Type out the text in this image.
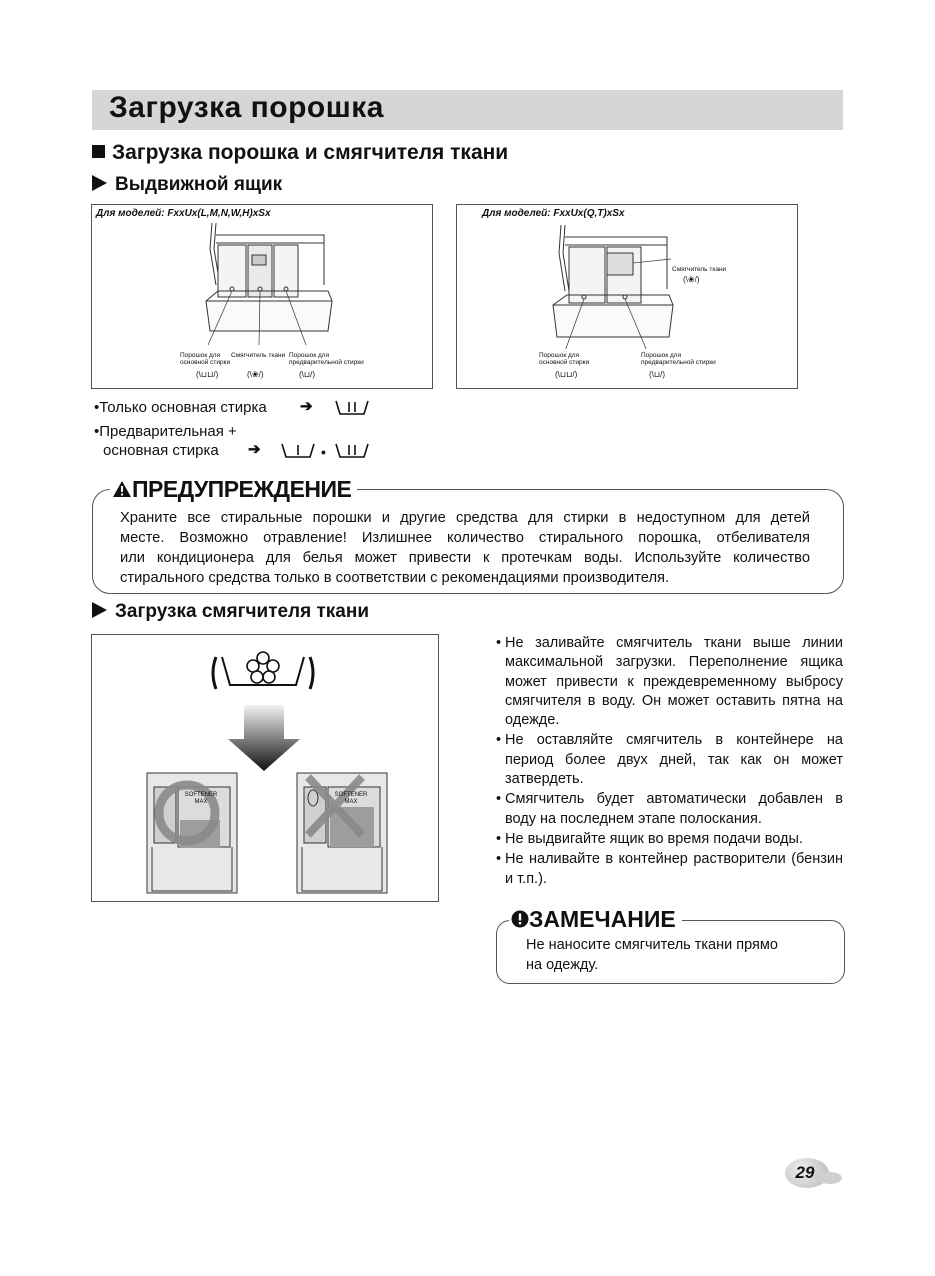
Загрузка порошка
Загрузка порошка и смягчителя ткани
Выдвижной ящик
Для моделей: FxxUx(L,M,N,W,H)xSx
Порошок для
основной стирки
Смягчитель ткани Порошок для
предварительной стирки
(\⊔⊔/)	(\❀/)	(\⊔/)
Для моделей: FxxUx(Q,T)xSx
Смягчитель ткани
(\❀/)
Порошок для
основной стирки
Порошок для
предварительной стирки
(\⊔⊔/)	(\⊔/)
•Только основная стирка ➔
•Предварительная +
основная стирка ➔	•
ПРЕДУПРЕЖДЕНИЕ
Храните все стиральные порошки и другие средства для стирки в недоступном для детей
месте. Возможно отравление! Излишнее количество стирального порошка, отбеливателя
или кондиционера для белья может привести к протечкам воды. Используйте количество
стирального средства только в соответствии с рекомендациями производителя.
Загрузка смягчителя ткани
SOFTENER
MAX
SOFTENER
MAX
• Не заливайте смягчитель ткани выше линии максимальной загрузки. Переполнение ящика может привести к преждевременному выбросу смягчителя в воду. Он может оставить пятна на одежде.
• Не оставляйте смягчитель в контейнере на период более двух дней, так как он может затвердеть.
• Смягчитель будет автоматически добавлен в воду на последнем этапе полоскания.
• Не выдвигайте ящик во время подачи воды.
• Не наливайте в контейнер растворители (бензин и т.п.).
ЗАМЕЧАНИЕ
Не наносите смягчитель ткани прямо
на одежду.
29
